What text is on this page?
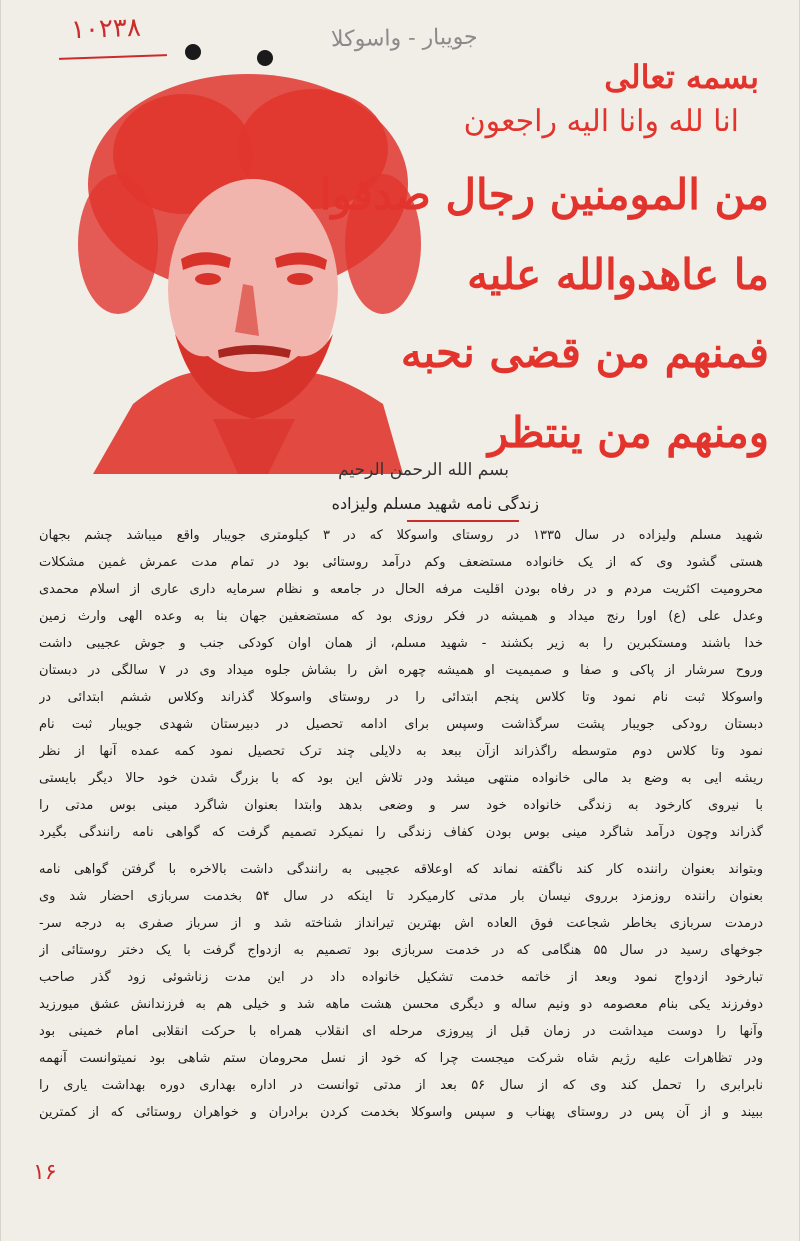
١٠٢٣٨	جویبار - واسوکلا
بسمه تعالی
انا لله وانا الیه راجعون
من المومنین رجال صدقوا
ما عاهدوالله علیه
فمنهم من قضی نحبه
ومنهم من ینتظر
بسم الله الرحمن الرحیم
زندگی نامه شهید مسلم ولیزاده
شهید مسلم ولیزاده در سال ۱۳۳۵ در روستای واسوکلا که در ۳ کیلومتری جویبار واقع میباشد چشم بجهان
هستی گشود وی که از یک خانواده مستضعف وکم درآمد روستائی بود در تمام مدت عمرش غمین مشکلات
محرومیت اکثریت مردم و در رفاه بودن اقلیت مرفه الحال در جامعه و نظام سرمایه داری عاری از اسلام محمدی
وعدل علی (ع) اورا رنج میداد و همیشه در فکر روزی بود که مستضعفین جهان بنا به وعده الهی وارث زمین
خدا باشند ومستکبرین را به زیر بکشند - شهید مسلم، از همان اوان کودکی جنب و جوش عجیبی داشت
وروح سرشار از پاکی و صفا و صمیمیت او همیشه چهره اش را بشاش جلوه میداد وی در ۷ سالگی در دبستان
واسوکلا ثبت نام نمود وتا کلاس پنجم ابتدائی را در روستای واسوکلا گذراند وکلاس ششم ابتدائی در
دبستان رودکی جویبار پشت سرگذاشت وسپس برای ادامه تحصیل در دبیرستان شهدی جویبار ثبت نام
نمود وتا کلاس دوم متوسطه راگذراند ازآن ببعد به دلایلی چند ترک تحصیل نمود کمه عمده آنها از نظر
ریشه ایی به وضع بد مالی خانواده منتهی میشد ودر تلاش این بود که با بزرگ شدن خود حالا دیگر بایستی
با نیروی کارخود به زندگی خانواده خود سر و وضعی بدهد وابتدا بعنوان شاگرد مینی بوس مدتی را
گذراند وچون درآمد شاگرد مینی بوس بودن کفاف زندگی را نمیکرد تصمیم گرفت که گواهی نامه رانندگی بگیرد
وبتواند بعنوان راننده کار کند ناگفته نماند که اوعلاقه عجیبی به رانندگی داشت بالاخره با گرفتن گواهی نامه
بعنوان راننده روزمزد برروی نیسان بار مدتی کارمیکرد تا اینکه در سال ۵۴ بخدمت سربازی احضار شد وی
درمدت سربازی بخاطر شجاعت فوق العاده اش بهترین تیرانداز شناخته شد و از سرباز صفری به درجه سر-
جوخهای رسید در سال ۵۵ هنگامی که در خدمت سربازی بود تصمیم به ازدواج گرفت با یک دختر روستائی از
تبارخود ازدواج نمود وبعد از خاتمه خدمت تشکیل خانواده داد در این مدت زناشوئی زود گذر صاحب
دوفرزند یکی بنام معصومه دو ونیم ساله و دیگری محسن هشت ماهه شد و خیلی هم به فرزندانش عشق میورزید
وآنها را دوست میداشت در زمان قبل از پیروزی مرحله ای انقلاب همراه با حرکت انقلابی امام خمینی بود
ودر تظاهرات علیه رژیم شاه شرکت میجست چرا که خود از نسل محرومان ستم شاهی بود نمیتوانست آنهمه
نابرابری را تحمل کند وی که از سال ۵۶ بعد از مدتی توانست در اداره بهداری دوره بهداشت یاری را
ببیند و از آن پس در روستای پهناب و سپس واسوکلا بخدمت کردن برادران و خواهران روستائی که از کمترین
۱۶
